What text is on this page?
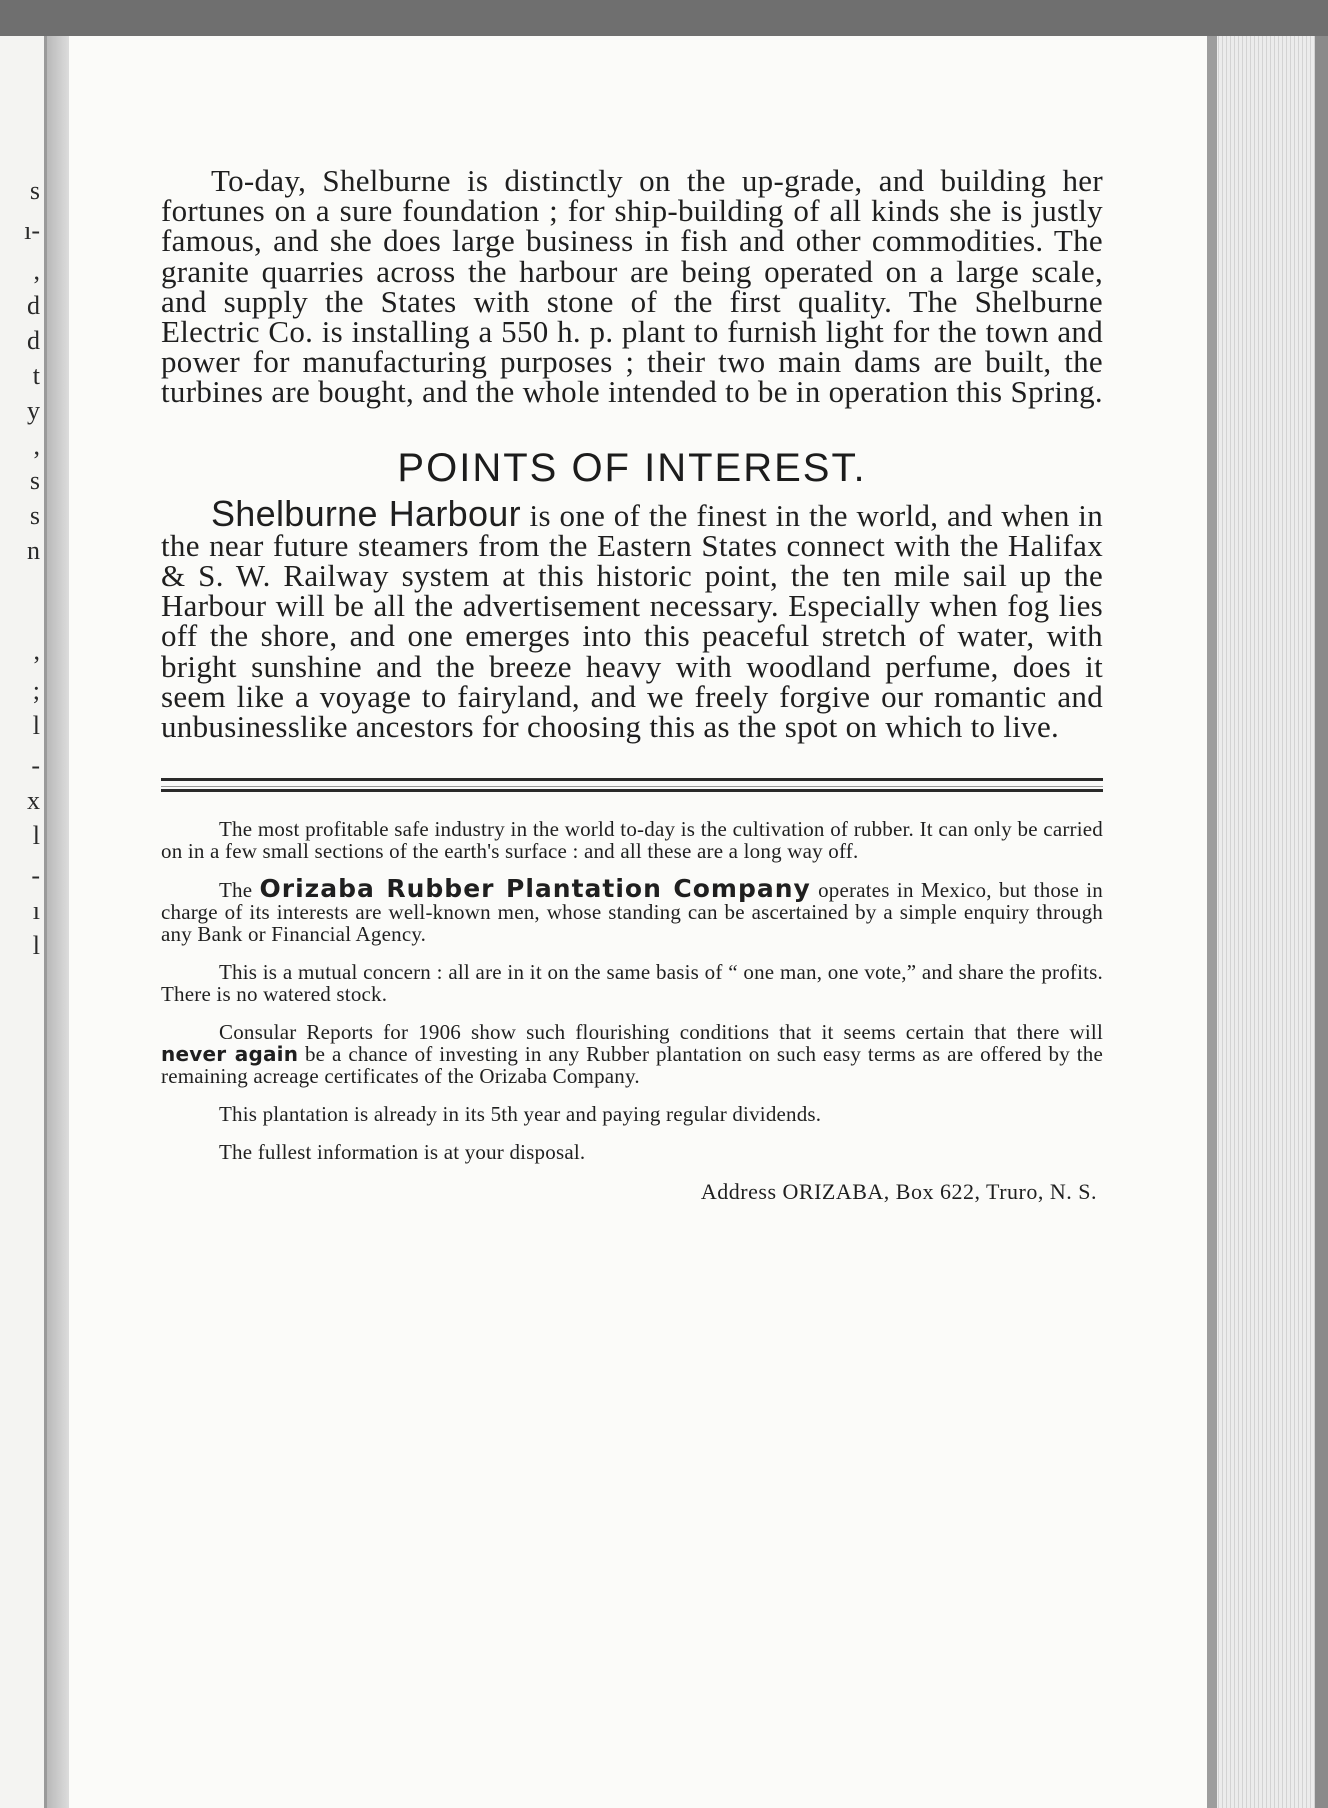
s
ı-
,
d
d
t
y
,
s
s
n
,
;
l
-
x
l
-
ı
l

To-day, Shelburne is distinctly on the up-grade, and building her fortunes on a sure foundation ; for ship-building of all kinds she is justly famous, and she does large business in fish and other commodities. The granite quarries across the harbour are being operated on a large scale, and supply the States with stone of the first quality. The Shelburne Electric Co. is installing a 550 h. p. plant to furnish light for the town and power for manufacturing purposes ; their two main dams are built, the turbines are bought, and the whole intended to be in operation this Spring.

POINTS OF INTEREST.

Shelburne Harbour is one of the finest in the world, and when in the near future steamers from the Eastern States connect with the Halifax & S. W. Railway system at this historic point, the ten mile sail up the Harbour will be all the advertisement necessary. Especially when fog lies off the shore, and one emerges into this peaceful stretch of water, with bright sunshine and the breeze heavy with woodland perfume, does it seem like a voyage to fairyland, and we freely forgive our romantic and unbusinesslike ancestors for choosing this as the spot on which to live.

The most profitable safe industry in the world to-day is the cultivation of rubber. It can only be carried on in a few small sections of the earth's surface : and all these are a long way off.

The Orizaba Rubber Plantation Company operates in Mexico, but those in charge of its interests are well-known men, whose standing can be ascertained by a simple enquiry through any Bank or Financial Agency.

This is a mutual concern : all are in it on the same basis of “ one man, one vote,” and share the profits. There is no watered stock.

Consular Reports for 1906 show such flourishing conditions that it seems certain that there will never again be a chance of investing in any Rubber plantation on such easy terms as are offered by the remaining acreage certificates of the Orizaba Company.

This plantation is already in its 5th year and paying regular dividends.

The fullest information is at your disposal.

Address ORIZABA, Box 622, Truro, N. S.
